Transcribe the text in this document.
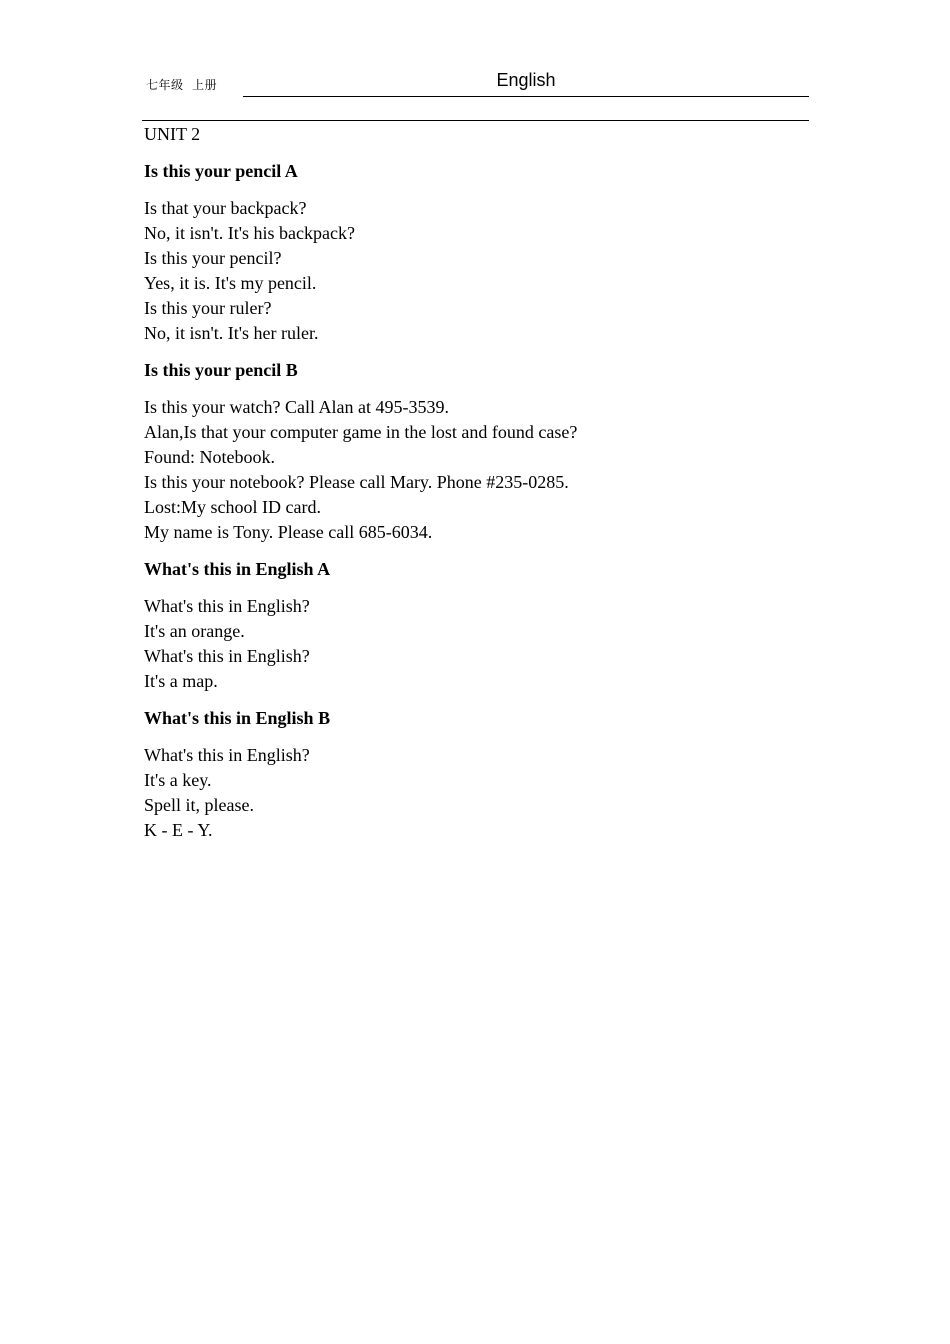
七年级  上册	English
UNIT 2
Is this your pencil A
Is that your backpack?
No, it isn't. It's his backpack?
Is this your pencil?
Yes, it is. It's my pencil.
Is this your ruler?
No, it isn't. It's her ruler.
Is this your pencil B
Is this your watch? Call Alan at 495-3539.
Alan,Is that your computer game in the lost and found case?
Found: Notebook.
Is this your notebook? Please call Mary. Phone #235-0285.
Lost:My school ID card.
My name is Tony. Please call 685-6034.
What's this in English A
What's this in English?
It's an orange.
What's this in English?
It's a map.
What's this in English B
What's this in English?
It's a key.
Spell it, please.
K - E - Y.
